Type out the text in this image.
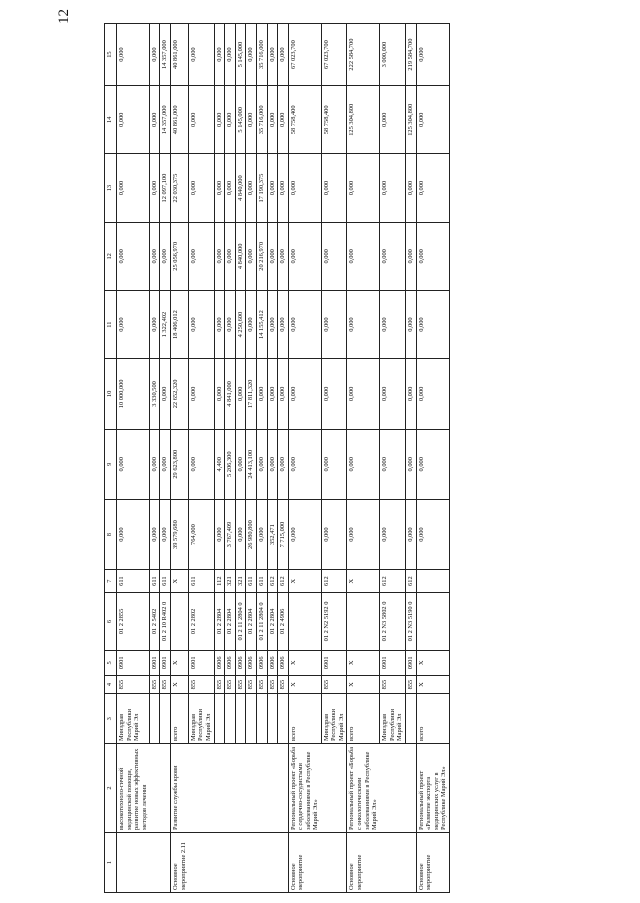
12
1	2	3	4	5	6	7	8	9	10	11	12	13	14	15
	высокотехноло-гичной медицинской помощи, развитие новых эффективных методов лечения	Минздрав Республики Марий Эл	855	0901	01 2 2855	611	0,000	0,000	10 000,000	0,000	0,000	0,000	0,000	0,000
			855	0901	01 2 5402	611	0,000	0,000	3 330,500	0,000	0,000	0,000	0,000	0,000
			855	0901	01 2 10 R402 0	611	0,000	0,000	0,000	1 322,402	0,000	12 097,100	14 357,000	14 357,000
Основное мероприятие 2.11	Развитие службы крови	всего	X	X		X	39 579,680	29 623,800	22 652,320	18 406,012	25 056,970	22 030,375	40 861,000	40 861,000
		Минздрав Республики Марий Эл	855	0901	01 2 2802	611	764,000	0,000	0,000	0,000	0,000	0,000	0,000	0,000
			855	0906	01 2 2804	112	0,000	4,400	0,000	0,000	0,000	0,000	0,000	0,000
			855	0906	01 2 2804	321	3 767,409	5 206,300	4 841,000	0,000	0,000	0,000	0,000	0,000
			855	0906	01 2 11 2804 0	321	0,000	0,000	0,000	4 250,600	4 840,000	4 840,000	5 145,000	5 145,000
			855	0906	01 2 2804	611	26 980,800	24 413,100	17 811,320	0,000	0,000	0,000	0,000	0,000
			855	0906	01 2 11 2804 0	611	0,000	0,000	0,000	14 155,412	20 216,970	17 190,375	35 716,000	35 716,000
			855	0906	01 2 2804	612	352,471	0,000	0,000	0,000	0,000	0,000	0,000	0,000
			855	0906	01 2 4906	612	7 715,000	0,000	0,000	0,000	0,000	0,000	0,000	0,000
Основное мероприятие	Региональный проект «Борьба с сердечно-сосудистыми заболеваниями в Республике Марий Эл»	всего	X	X		X	0,000	0,000	0,000	0,000	0,000	0,000	58 758,400	67 023,700
		Минздрав Республики Марий Эл	855	0901	01 2 N2 5192 0	612	0,000	0,000	0,000	0,000	0,000	0,000	58 758,400	67 023,700
Основное мероприятие	Региональный проект «Борьба с онкологическими заболеваниями в Республике Марий Эл»	всего	X	X		X	0,000	0,000	0,000	0,000	0,000	0,000	125 304,800	222 584,700
		Минздрав Республики Марий Эл	855	0901	01 2 N3 5802 0	612	0,000	0,000	0,000	0,000	0,000	0,000	0,000	3 000,000
			855	0901	01 2 N3 5190 0	612	0,000	0,000	0,000	0,000	0,000	0,000	125 304,800	219 584,700
Основное мероприятие	Региональный проект «Развитие экспорта медицинских услуг в Республике Марий Эл»	всего	X	X			0,000	0,000	0,000	0,000	0,000	0,000	0,000	0,000
